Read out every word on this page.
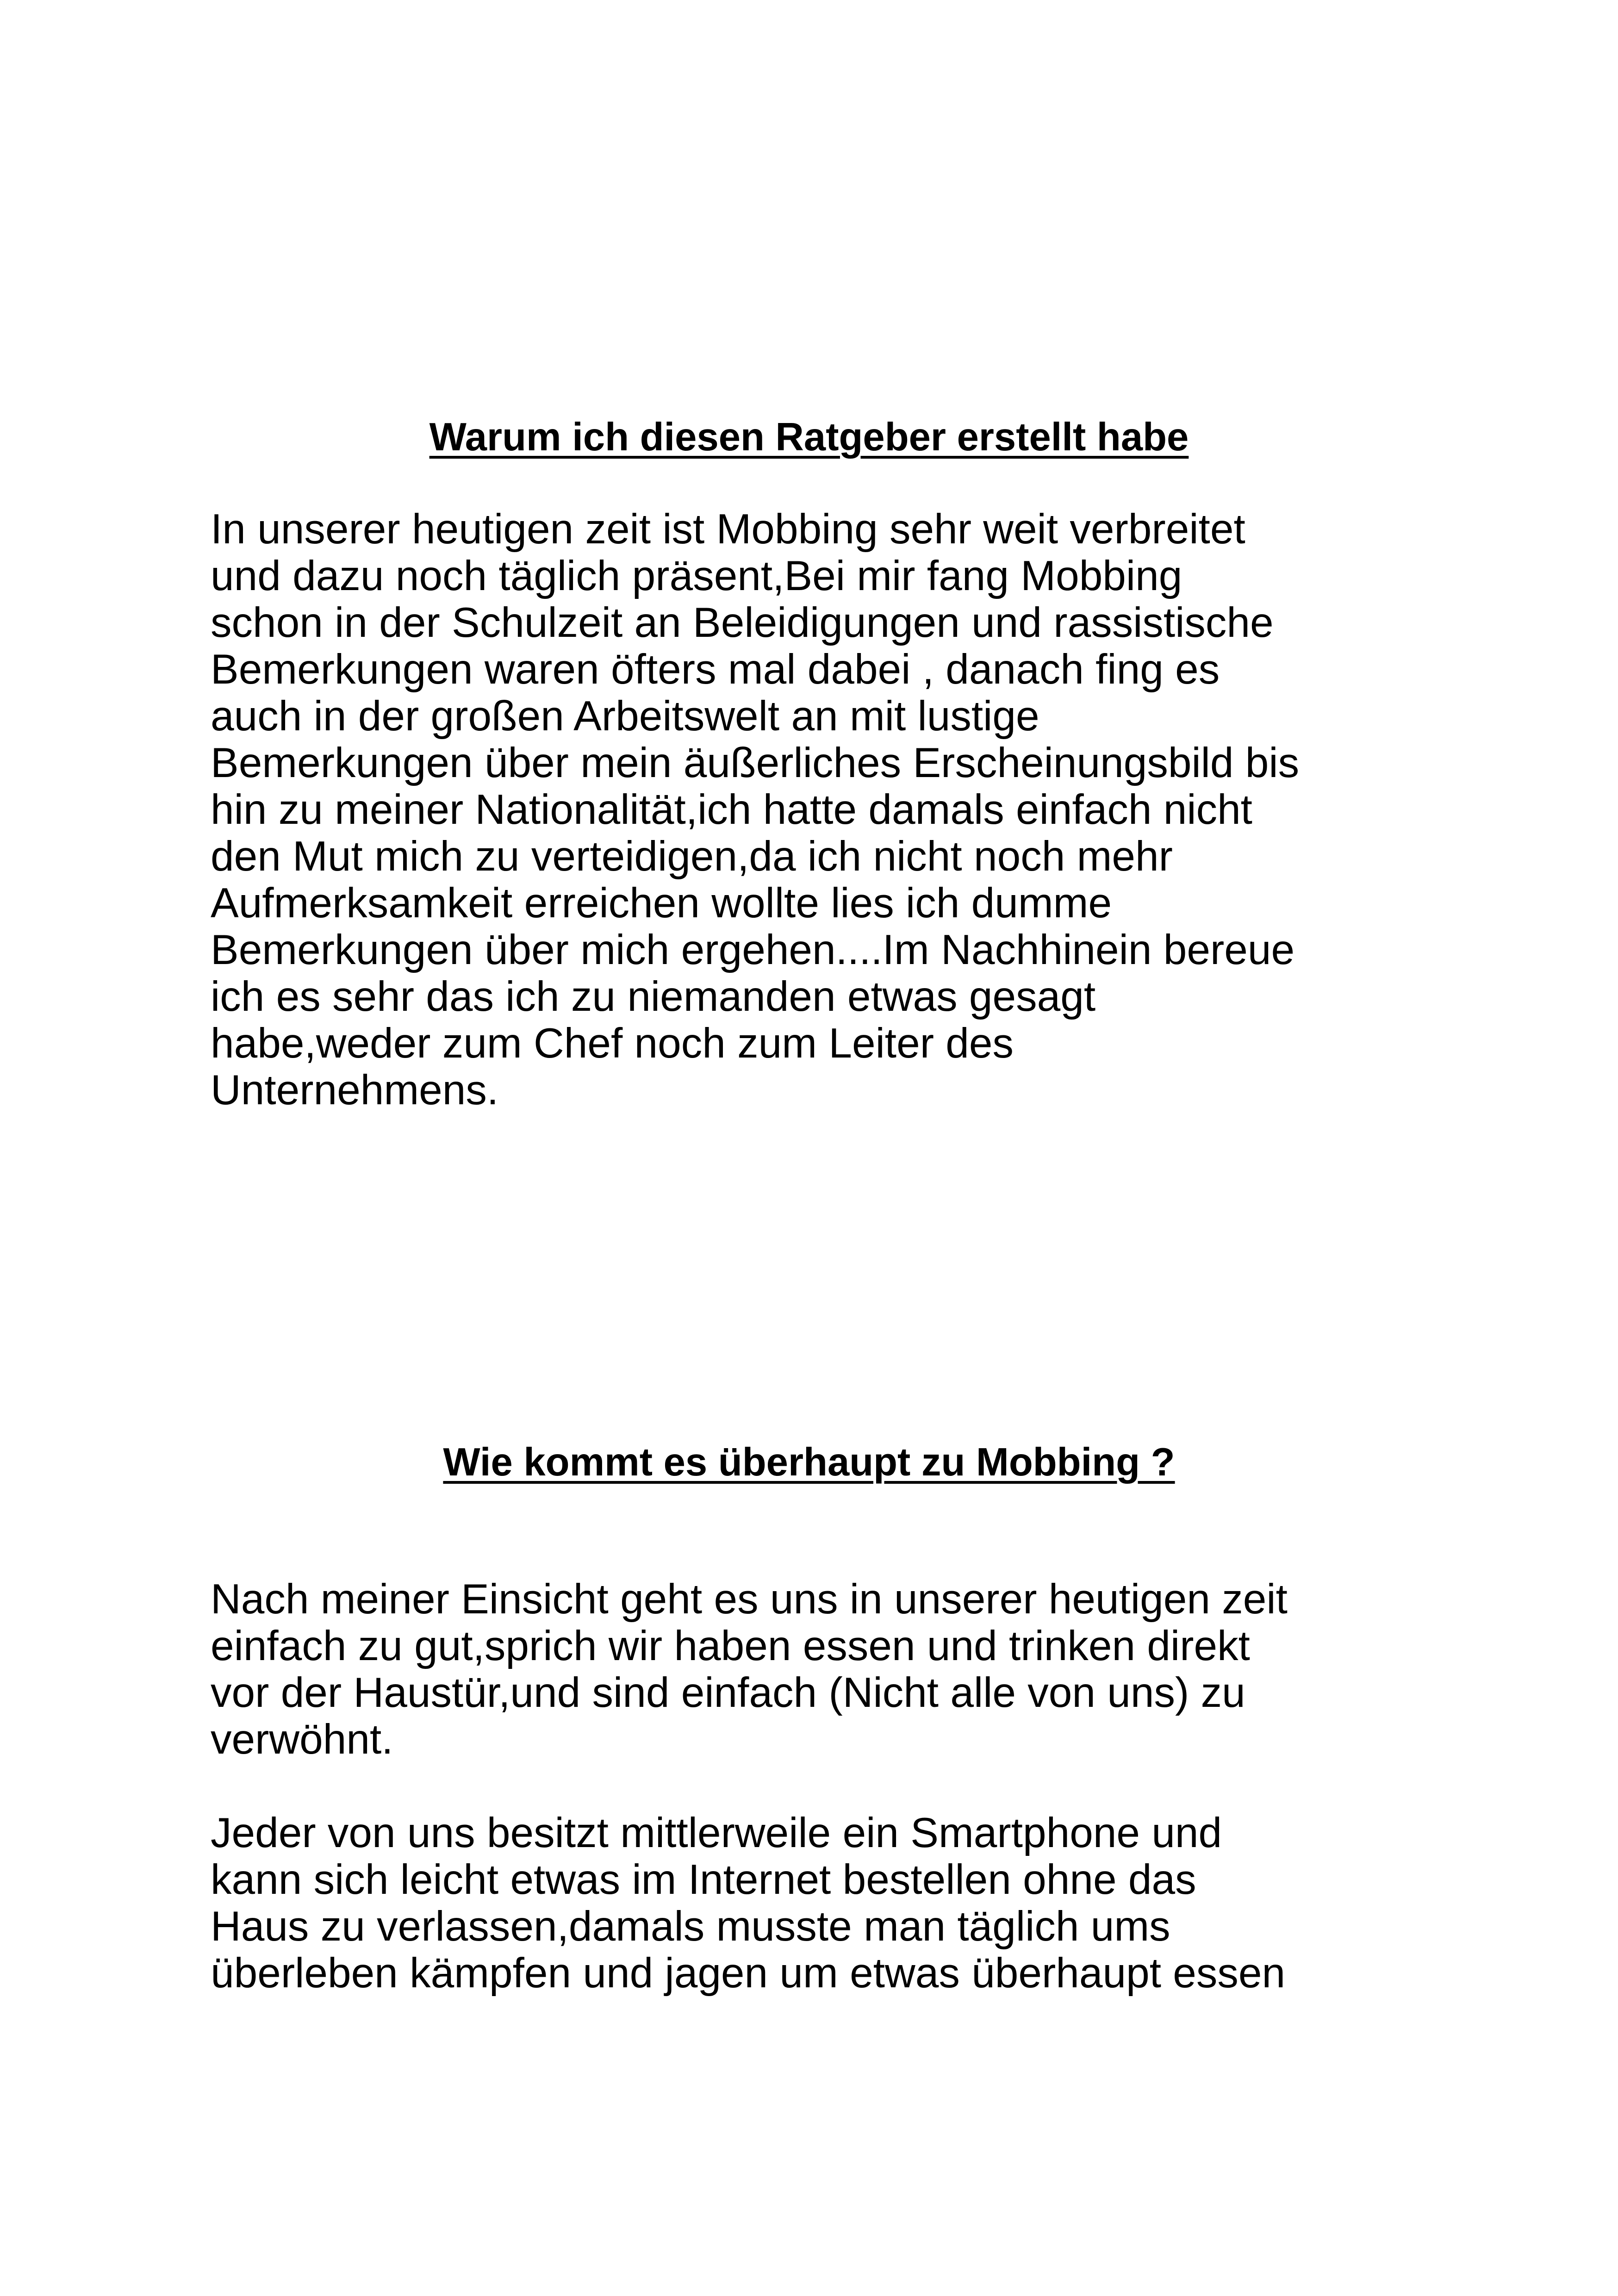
Warum ich diesen Ratgeber erstellt habe
In unserer heutigen zeit ist Mobbing sehr weit verbreitet
und dazu noch täglich präsent,Bei mir fang Mobbing
schon in der Schulzeit an Beleidigungen und rassistische
Bemerkungen waren öfters mal dabei , danach fing es
auch in der großen Arbeitswelt an mit lustige
Bemerkungen über mein äußerliches Erscheinungsbild bis
hin zu meiner Nationalität,ich hatte damals einfach nicht
den Mut mich zu verteidigen,da ich nicht noch mehr
Aufmerksamkeit erreichen wollte lies ich dumme
Bemerkungen über mich ergehen....Im Nachhinein bereue
ich es sehr das ich zu niemanden etwas gesagt
habe,weder zum Chef noch zum Leiter des
Unternehmens.
Wie kommt es überhaupt zu Mobbing ?
Nach meiner Einsicht geht es uns in unserer heutigen zeit
einfach zu gut,sprich wir haben essen und trinken direkt
vor der Haustür,und sind einfach (Nicht alle von uns) zu
verwöhnt.
Jeder von uns besitzt mittlerweile ein Smartphone und
kann sich leicht etwas im Internet bestellen ohne das
Haus zu verlassen,damals musste man täglich ums
überleben kämpfen und jagen um etwas überhaupt essen
